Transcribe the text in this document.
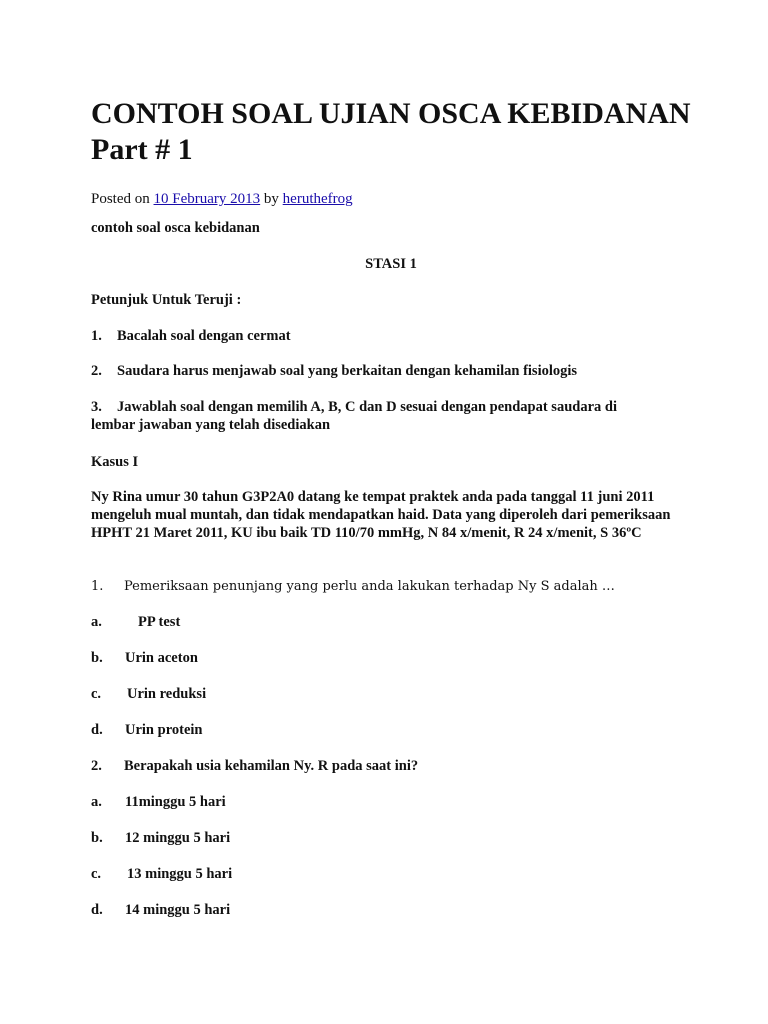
CONTOH SOAL UJIAN OSCA KEBIDANAN Part # 1
Posted on 10 February 2013 by heruthefrog

contoh soal osca kebidanan

STASI 1

Petunjuk Untuk Teruji :

1. Bacalah soal dengan cermat

2. Saudara harus menjawab soal yang berkaitan dengan kehamilan fisiologis

3. Jawablah soal dengan memilih A, B, C dan D sesuai dengan pendapat saudara di lembar jawaban yang telah disediakan

Kasus I

Ny Rina umur 30 tahun G3P2A0 datang ke tempat praktek anda pada tanggal 11 juni 2011 mengeluh mual muntah, dan tidak mendapatkan haid. Data yang diperoleh dari pemeriksaan HPHT 21 Maret 2011, KU ibu baik TD 110/70 mmHg, N 84 x/menit, R 24 x/menit, S 36ºC

1. Pemeriksaan penunjang yang perlu anda lakukan terhadap Ny S adalah …

a. PP test

b. Urin aceton

c. Urin reduksi

d. Urin protein

2. Berapakah usia kehamilan Ny. R pada saat ini?

a. 11minggu 5 hari

b. 12 minggu 5 hari

c. 13 minggu 5 hari

d. 14 minggu 5 hari
